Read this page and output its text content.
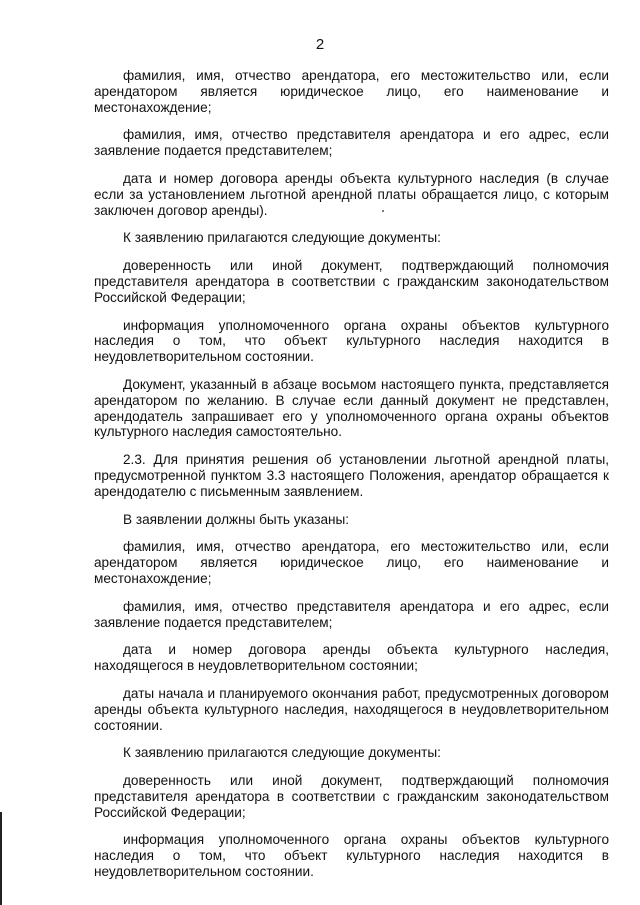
2

фамилия, имя, отчество арендатора, его местожительство или, если арендатором является юридическое лицо, его наименование и местонахождение;

фамилия, имя, отчество представителя арендатора и его адрес, если заявление подается представителем;

дата и номер договора аренды объекта культурного наследия (в случае если за установлением льготной арендной платы обращается лицо, с которым заключен договор аренды).

К заявлению прилагаются следующие документы:

доверенность или иной документ, подтверждающий полномочия представителя арендатора в соответствии с гражданским законодательством Российской Федерации;

информация уполномоченного органа охраны объектов культурного наследия о том, что объект культурного наследия находится в неудовлетворительном состоянии.

Документ, указанный в абзаце восьмом настоящего пункта, представляется арендатором по желанию. В случае если данный документ не представлен, арендодатель запрашивает его у уполномоченного органа охраны объектов культурного наследия самостоятельно.

2.3. Для принятия решения об установлении льготной арендной платы, предусмотренной пунктом 3.3 настоящего Положения, арендатор обращается к арендодателю с письменным заявлением.

В заявлении должны быть указаны:

фамилия, имя, отчество арендатора, его местожительство или, если арендатором является юридическое лицо, его наименование и местонахождение;

фамилия, имя, отчество представителя арендатора и его адрес, если заявление подается представителем;

дата и номер договора аренды объекта культурного наследия, находящегося в неудовлетворительном состоянии;

даты начала и планируемого окончания работ, предусмотренных договором аренды объекта культурного наследия, находящегося в неудовлетворительном состоянии.

К заявлению прилагаются следующие документы:

доверенность или иной документ, подтверждающий полномочия представителя арендатора в соответствии с гражданским законодательством Российской Федерации;

информация уполномоченного органа охраны объектов культурного наследия о том, что объект культурного наследия находится в неудовлетворительном состоянии.
